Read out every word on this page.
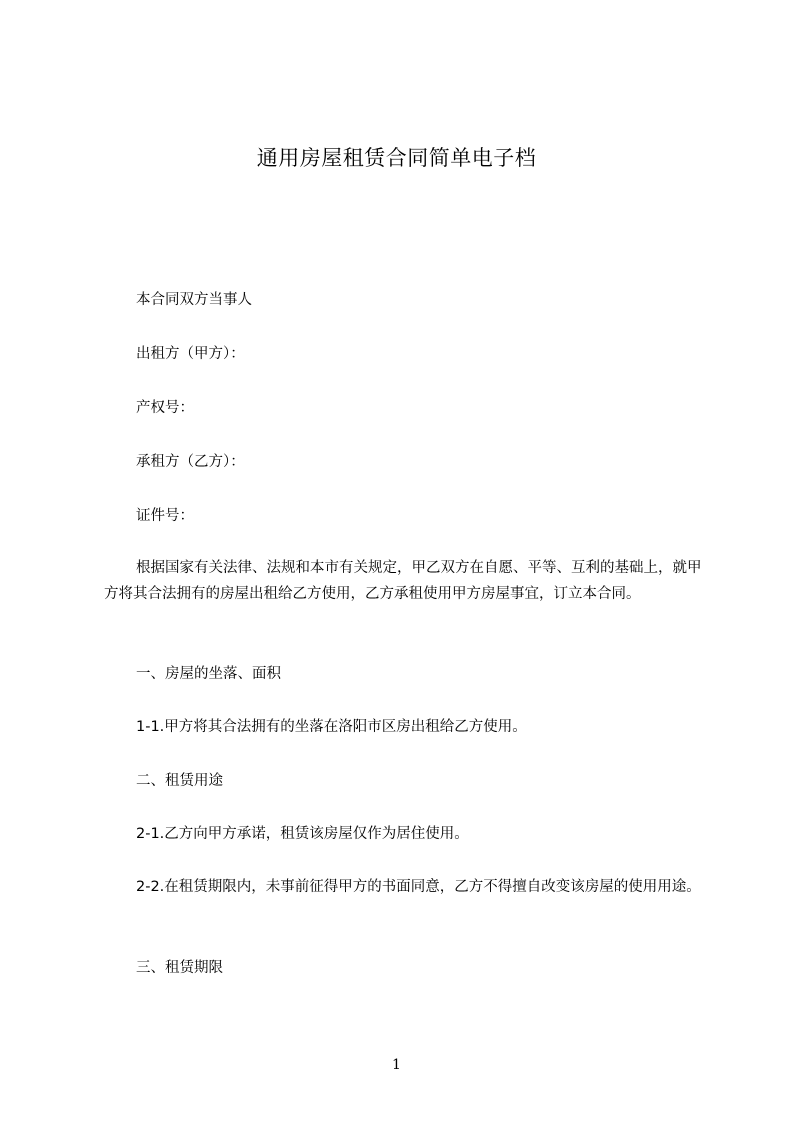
通用房屋租赁合同简单电子档
本合同双方当事人
出租方（甲方）：
产权号：
承租方（乙方）：
证件号：
根据国家有关法律、法规和本市有关规定，甲乙双方在自愿、平等、互利的基础上，就甲方将其合法拥有的房屋出租给乙方使用，乙方承租使用甲方房屋事宜，订立本合同。
一、房屋的坐落、面积
1-1.甲方将其合法拥有的坐落在洛阳市区房出租给乙方使用。
二、租赁用途
2-1.乙方向甲方承诺，租赁该房屋仅作为居住使用。
2-2.在租赁期限内，未事前征得甲方的书面同意，乙方不得擅自改变该房屋的使用用途。
三、租赁期限
1
